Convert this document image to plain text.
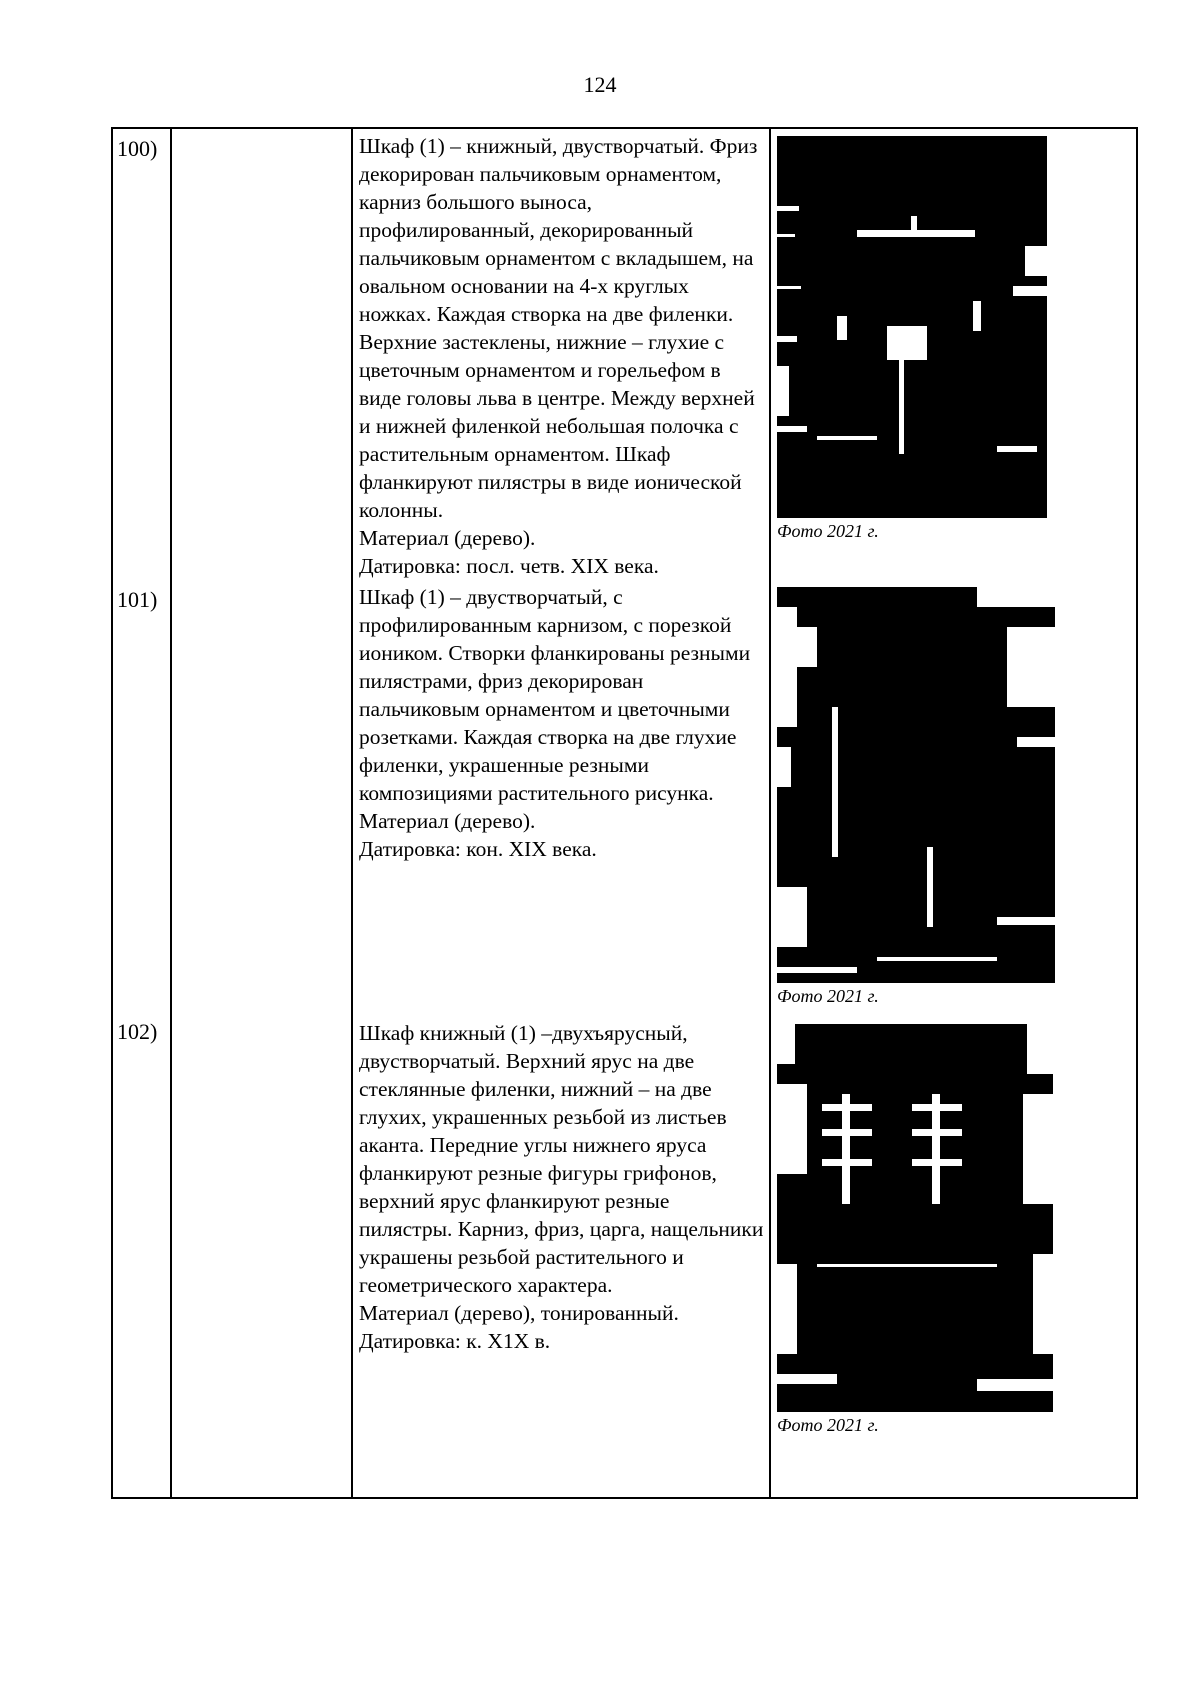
124
100)		Шкаф (1) – книжный, двустворчатый. Фриз декорирован пальчиковым орнаментом, карниз большого выноса, профилированный, декорированный пальчиковым орнаментом с вкладышем, на овальном основании на 4-х круглых ножках. Каждая створка на две филенки. Верхние застеклены, нижние – глухие с цветочным орнаментом и горельефом в виде головы льва в центре. Между верхней и нижней филенкой небольшая полочка с растительным орнаментом. Шкаф фланкируют пилястры в виде ионической колонны.

Материал (дерево).

Датировка: посл. четв. XIX века.	Фото 2021 г.

101)		Шкаф (1) – двустворчатый, с профилированным карнизом, с порезкой иоником. Створки фланкированы резными пилястрами, фриз декорирован пальчиковым орнаментом и цветочными розетками. Каждая створка на две глухие филенки, украшенные резными композициями растительного рисунка.

Материал (дерево).

Датировка: кон. XIX века.	Фото 2021 г.

102)		Шкаф книжный (1) –двухъярусный, двустворчатый. Верхний ярус на две стеклянные филенки, нижний – на две глухих, украшенных резьбой из листьев аканта. Передние углы нижнего яруса фланкируют резные фигуры грифонов, верхний ярус фланкируют резные пилястры. Карниз, фриз, царга, нащельники украшены резьбой растительного и геометрического характера.

Материал (дерево), тонированный.

Датировка: к. X1X в.	Фото 2021 г.
